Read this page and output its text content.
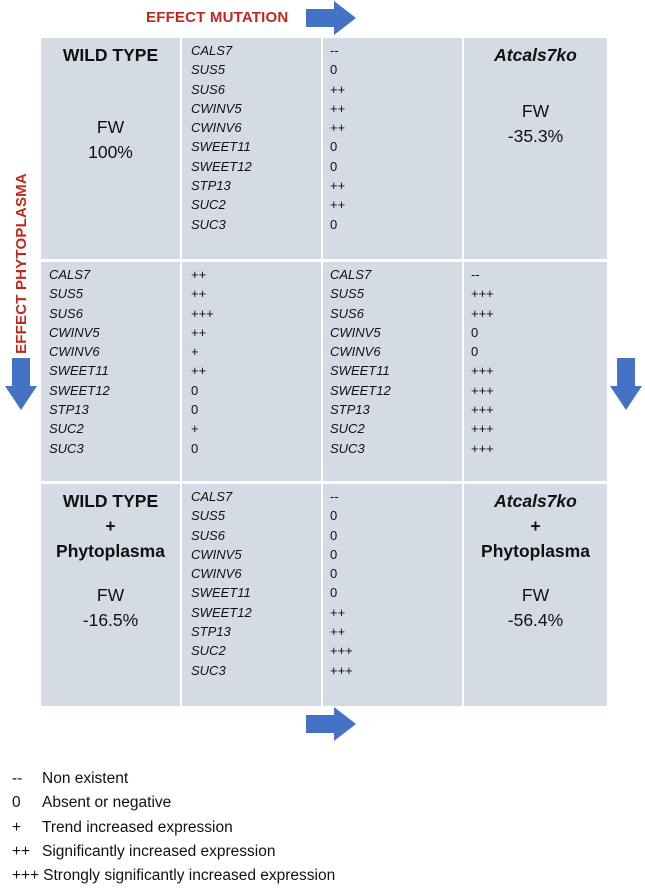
EFFECT MUTATION
EFFECT PHYTOPLASMA
WILD TYPE
FW
100%
CALS7
SUS5
SUS6
CWINV5
CWINV6
SWEET11
SWEET12
STP13
SUC2
SUC3
--
0
++
++
++
0
0
++
++
0
Atcals7ko
FW
-35.3%
CALS7
SUS5
SUS6
CWINV5
CWINV6
SWEET11
SWEET12
STP13
SUC2
SUC3
++
++
+++
++
+
++
0
0
+
0
CALS7
SUS5
SUS6
CWINV5
CWINV6
SWEET11
SWEET12
STP13
SUC2
SUC3
--
+++
+++
0
0
+++
+++
+++
+++
+++
WILD TYPE
+
Phytoplasma
FW
-16.5%
CALS7
SUS5
SUS6
CWINV5
CWINV6
SWEET11
SWEET12
STP13
SUC2
SUC3
--
0
0
0
0
0
++
++
+++
+++
Atcals7ko
+
Phytoplasma
FW
-56.4%
-- Non existent
0 Absent or negative
+ Trend increased expression
++ Significantly increased expression
+++ Strongly significantly increased expression
